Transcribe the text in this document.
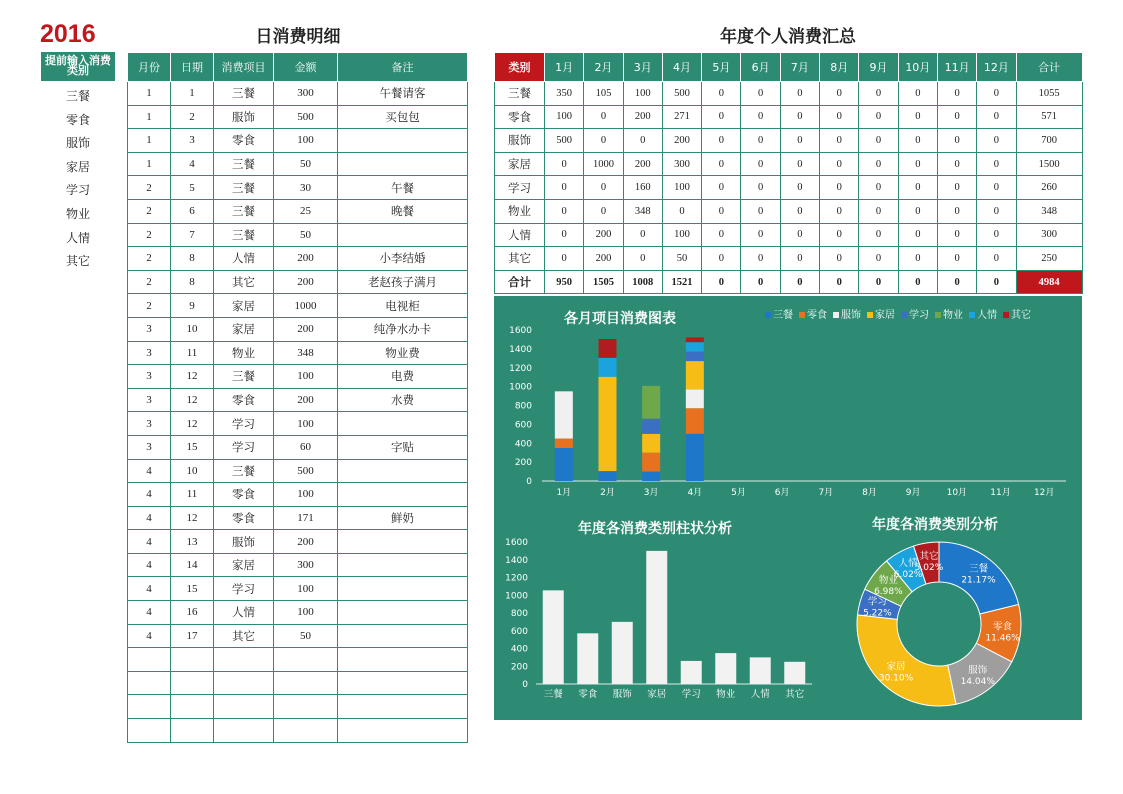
2016	日消费明细	年度个人消费汇总
提前输入消费类别
三餐
零食
服饰
家居
学习
物业
人情
其它
月份	日期	消费项目	金额	备注
1	1	三餐	300	午餐请客
1	2	服饰	500	买包包
1	3	零食	100	
1	4	三餐	50	
2	5	三餐	30	午餐
2	6	三餐	25	晚餐
2	7	三餐	50	
2	8	人情	200	小李结婚
2	8	其它	200	老赵孩子满月
2	9	家居	1000	电视柜
3	10	家居	200	纯净水办卡
3	11	物业	348	物业费
3	12	三餐	100	电费
3	12	零食	200	水费
3	12	学习	100	
3	15	学习	60	字贴
4	10	三餐	500	
4	11	零食	100	
4	12	零食	171	鲜奶
4	13	服饰	200	
4	14	家居	300	
4	15	学习	100	
4	16	人情	100	
4	17	其它	50	

类别	1月	2月	3月	4月	5月	6月	7月	8月	9月	10月	11月	12月	合计
三餐	350	105	100	500	0	0	0	0	0	0	0	0	1055
零食	100	0	200	271	0	0	0	0	0	0	0	0	571
服饰	500	0	0	200	0	0	0	0	0	0	0	0	700
家居	0	1000	200	300	0	0	0	0	0	0	0	0	1500
学习	0	0	160	100	0	0	0	0	0	0	0	0	260
物业	0	0	348	0	0	0	0	0	0	0	0	0	348
人情	0	200	0	100	0	0	0	0	0	0	0	0	300
其它	0	200	0	50	0	0	0	0	0	0	0	0	250
合计	950	1505	1008	1521	0	0	0	0	0	0	0	0	4984
各月项目消费图表	三餐 零食 服饰 家居 学习 物业 人情 其它
0
200
400
600
800
1000
1200
1400
1600
1月	2月	3月	4月	5月	6月	7月	8月	9月	10月	11月	12月
年度各消费类别柱状分析
0
200
400
600
800
1000
1200
1400
1600
三餐 零食 服饰 家居 学习 物业 人情 其它
年度各消费类别分析
三餐
21.17%
零食
11.46%
服饰
14.04%
家居
30.10%
学习
5.22%
物业
6.98%
人情
6.02%
其它
5.02%
